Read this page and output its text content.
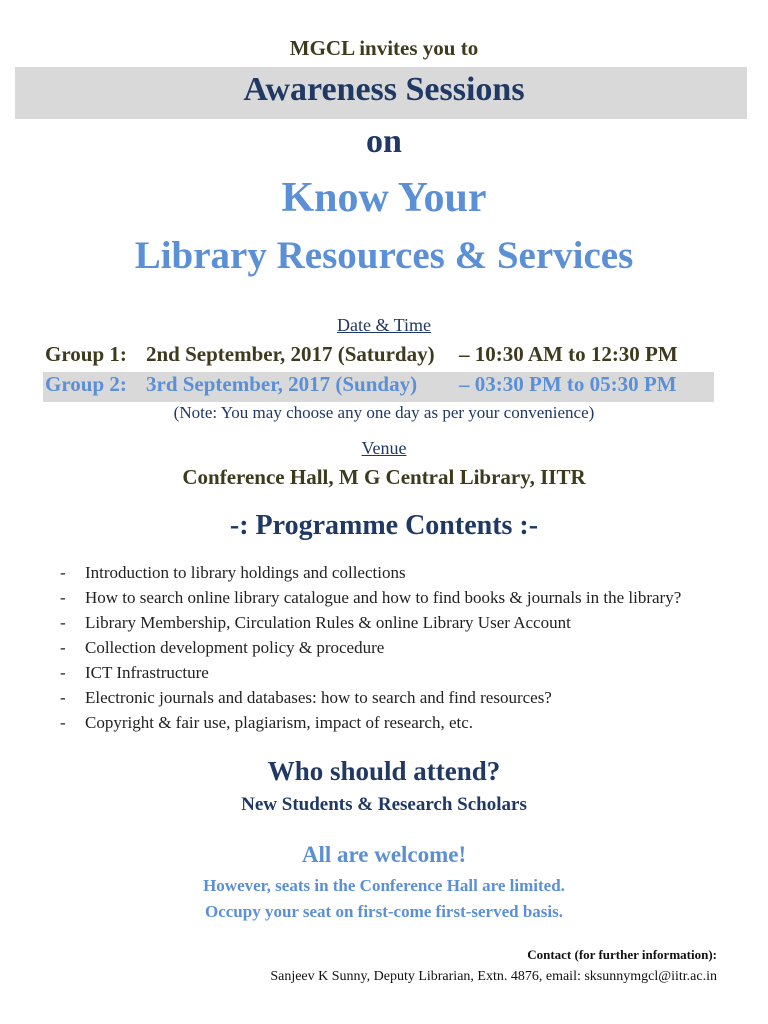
MGCL invites you to
Awareness Sessions
on
Know Your
Library Resources & Services
Date & Time
Group 1: 2nd September, 2017 (Saturday) – 10:30 AM to 12:30 PM
Group 2: 3rd September, 2017 (Sunday) – 03:30 PM to 05:30 PM
(Note: You may choose any one day as per your convenience)
Venue
Conference Hall, M G Central Library, IITR
-: Programme Contents :-
- Introduction to library holdings and collections
- How to search online library catalogue and how to find books & journals in the library?
- Library Membership, Circulation Rules & online Library User Account
- Collection development policy & procedure
- ICT Infrastructure
- Electronic journals and databases: how to search and find resources?
- Copyright & fair use, plagiarism, impact of research, etc.
Who should attend?
New Students & Research Scholars
All are welcome!
However, seats in the Conference Hall are limited.
Occupy your seat on first-come first-served basis.
Contact (for further information):
Sanjeev K Sunny, Deputy Librarian, Extn. 4876, email: sksunnymgcl@iitr.ac.in
